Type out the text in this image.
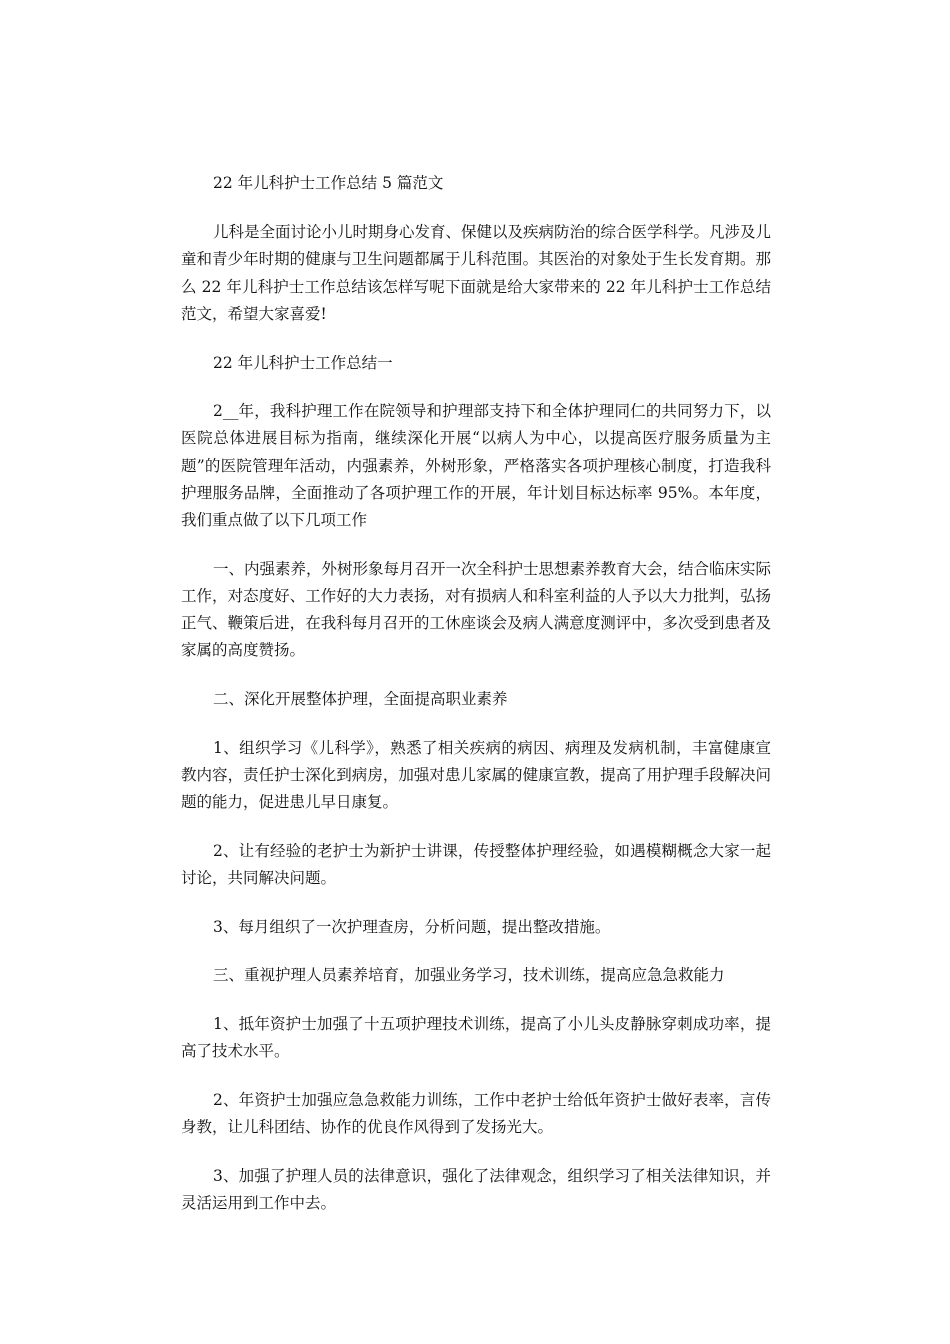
22 年儿科护士工作总结 5 篇范文

儿科是全面讨论小儿时期身心发育、保健以及疾病防治的综合医学科学。凡涉及儿童和青少年时期的健康与卫生问题都属于儿科范围。其医治的对象处于生长发育期。那么 22 年儿科护士工作总结该怎样写呢下面就是给大家带来的 22 年儿科护士工作总结范文，希望大家喜爱!

22 年儿科护士工作总结一

2__年，我科护理工作在院领导和护理部支持下和全体护理同仁的共同努力下，以医院总体进展目标为指南，继续深化开展“以病人为中心，以提高医疗服务质量为主题”的医院管理年活动，内强素养，外树形象，严格落实各项护理核心制度，打造我科护理服务品牌，全面推动了各项护理工作的开展，年计划目标达标率 95%。本年度，我们重点做了以下几项工作

一、内强素养，外树形象每月召开一次全科护士思想素养教育大会，结合临床实际工作，对态度好、工作好的大力表扬，对有损病人和科室利益的人予以大力批判，弘扬正气、鞭策后进，在我科每月召开的工休座谈会及病人满意度测评中，多次受到患者及家属的高度赞扬。

二、深化开展整体护理，全面提高职业素养

1、组织学习《儿科学》，熟悉了相关疾病的病因、病理及发病机制，丰富健康宣教内容，责任护士深化到病房，加强对患儿家属的健康宣教，提高了用护理手段解决问题的能力，促进患儿早日康复。

2、让有经验的老护士为新护士讲课，传授整体护理经验，如遇模糊概念大家一起讨论，共同解决问题。

3、每月组织了一次护理查房，分析问题，提出整改措施。

三、重视护理人员素养培育，加强业务学习，技术训练，提高应急急救能力

1、抵年资护士加强了十五项护理技术训练，提高了小儿头皮静脉穿刺成功率，提高了技术水平。

2、年资护士加强应急急救能力训练，工作中老护士给低年资护士做好表率，言传身教，让儿科团结、协作的优良作风得到了发扬光大。

3、加强了护理人员的法律意识，强化了法律观念，组织学习了相关法律知识，并灵活运用到工作中去。
